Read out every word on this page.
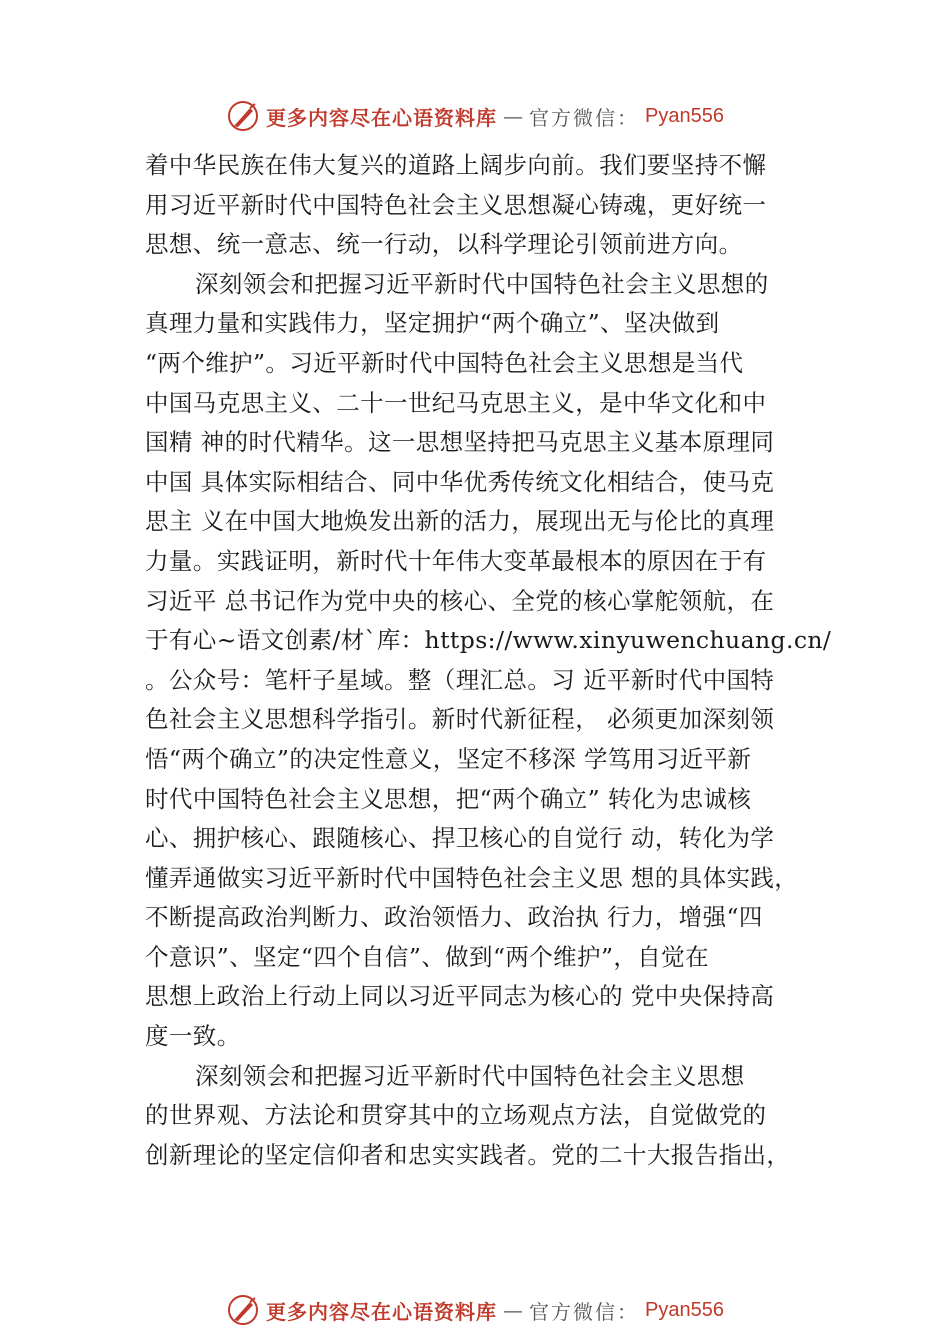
更多内容尽在心语资料库 — 官方微信： Pyan556
着中华民族在伟大复兴的道路上阔步向前。我们要坚持不懈
用习近平新时代中国特色社会主义思想凝心铸魂，更好统一
思想、统一意志、统一行动，以科学理论引领前进方向。
深刻领会和把握习近平新时代中国特色社会主义思想的
真理力量和实践伟力，坚定拥护“两个确立”、坚决做到
“两个维护”。习近平新时代中国特色社会主义思想是当代
中国马克思主义、二十一世纪马克思主义，是中华文化和中
国精 神的时代精华。这一思想坚持把马克思主义基本原理同
中国 具体实际相结合、同中华优秀传统文化相结合，使马克
思主 义在中国大地焕发出新的活力，展现出无与伦比的真理
力量。实践证明，新时代十年伟大变革最根本的原因在于有
习近平 总书记作为党中央的核心、全党的核心掌舵领航，在
于有心~语文创素/材`库：https://www.xinyuwenchuang.cn/
。公众号：笔杆子星域。整（理汇总。习 近平新时代中国特
色社会主义思想科学指引。新时代新征程， 必须更加深刻领
悟“两个确立”的决定性意义，坚定不移深 学笃用习近平新
时代中国特色社会主义思想，把“两个确立” 转化为忠诚核
心、拥护核心、跟随核心、捍卫核心的自觉行 动，转化为学
懂弄通做实习近平新时代中国特色社会主义思 想的具体实践，
不断提高政治判断力、政治领悟力、政治执 行力，增强“四
个意识”、坚定“四个自信”、做到“两个维护”，自觉在
思想上政治上行动上同以习近平同志为核心的 党中央保持高
度一致。
深刻领会和把握习近平新时代中国特色社会主义思想
的世界观、方法论和贯穿其中的立场观点方法，自觉做党的
创新理论的坚定信仰者和忠实实践者。党的二十大报告指出，
更多内容尽在心语资料库 — 官方微信： Pyan556
